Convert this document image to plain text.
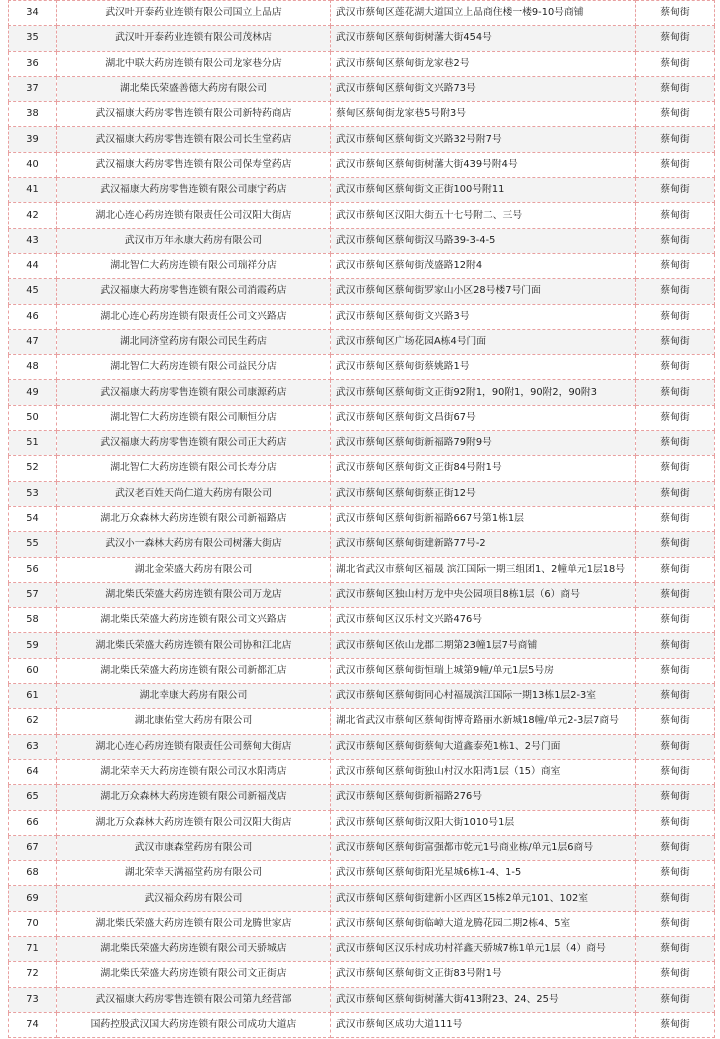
34	武汉叶开泰药业连锁有限公司国立上品店	武汉市蔡甸区莲花湖大道国立上品商住楼一楼9-10号商铺	蔡甸街
35	武汉叶开泰药业连锁有限公司茂林店	武汉市蔡甸区蔡甸街树藩大街454号	蔡甸街
36	湖北中联大药房连锁有限公司龙家巷分店	武汉市蔡甸区蔡甸街龙家巷2号	蔡甸街
37	湖北柴氏荣盛善德大药房有限公司	武汉市蔡甸区蔡甸街文兴路73号	蔡甸街
38	武汉福康大药房零售连锁有限公司新特药商店	蔡甸区蔡甸街龙家巷5号附3号	蔡甸街
39	武汉福康大药房零售连锁有限公司长生堂药店	武汉市蔡甸区蔡甸街文兴路32号附7号	蔡甸街
40	武汉福康大药房零售连锁有限公司保寿堂药店	武汉市蔡甸区蔡甸街树藩大街439号附4号	蔡甸街
41	武汉福康大药房零售连锁有限公司康宁药店	武汉市蔡甸区蔡甸街文正街100号附11	蔡甸街
42	湖北心连心药房连锁有限责任公司汉阳大街店	武汉市蔡甸区汉阳大街五十七号附二、三号	蔡甸街
43	武汉市万年永康大药房有限公司	武汉市蔡甸区蔡甸街汉马路39-3-4-5	蔡甸街
44	湖北智仁大药房连锁有限公司瑞祥分店	武汉市蔡甸区蔡甸街茂盛路12附4	蔡甸街
45	武汉福康大药房零售连锁有限公司消霞药店	武汉市蔡甸区蔡甸街罗家山小区28号楼7号门面	蔡甸街
46	湖北心连心药房连锁有限责任公司文兴路店	武汉市蔡甸区蔡甸街文兴路3号	蔡甸街
47	湖北同济堂药房有限公司民生药店	武汉市蔡甸区广场花园A栋4号门面	蔡甸街
48	湖北智仁大药房连锁有限公司益民分店	武汉市蔡甸区蔡甸街蔡姚路1号	蔡甸街
49	武汉福康大药房零售连锁有限公司康源药店	武汉市蔡甸区蔡甸街文正街92附1，90附1，90附2，90附3	蔡甸街
50	湖北智仁大药房连锁有限公司顺恒分店	武汉市蔡甸区蔡甸街文昌街67号	蔡甸街
51	武汉福康大药房零售连锁有限公司正大药店	武汉市蔡甸区蔡甸街新福路79附9号	蔡甸街
52	湖北智仁大药房连锁有限公司长寿分店	武汉市蔡甸区蔡甸街文正街84号附1号	蔡甸街
53	武汉老百姓天尚仁道大药房有限公司	武汉市蔡甸区蔡甸街蔡正街12号	蔡甸街
54	湖北万众森林大药房连锁有限公司新福路店	武汉市蔡甸区蔡甸街新福路667号第1栋1层	蔡甸街
55	武汉小一森林大药房有限公司树藩大街店	武汉市蔡甸区蔡甸街建新路77号-2	蔡甸街
56	湖北金荣盛大药房有限公司	湖北省武汉市蔡甸区福晟 滨江国际一期三组团1、2幢单元1层18号	蔡甸街
57	湖北柴氏荣盛大药房连锁有限公司万龙店	武汉市蔡甸区独山村万龙中央公园项目8栋1层（6）商号	蔡甸街
58	湖北柴氏荣盛大药房连锁有限公司文兴路店	武汉市蔡甸区汉乐村文兴路476号	蔡甸街
59	湖北柴氏荣盛大药房连锁有限公司协和江北店	武汉市蔡甸区依山龙郡二期第23幢1层7号商铺	蔡甸街
60	湖北柴氏荣盛大药房连锁有限公司新都汇店	武汉市蔡甸区蔡甸街恒瑞上城第9幢/单元1层5号房	蔡甸街
61	湖北幸康大药房有限公司	武汉市蔡甸区蔡甸街同心村福晟滨江国际一期13栋1层2-3室	蔡甸街
62	湖北康佑堂大药房有限公司	湖北省武汉市蔡甸区蔡甸街博奇路丽水新城18幢/单元2-3层7商号	蔡甸街
63	湖北心连心药房连锁有限责任公司蔡甸大街店	武汉市蔡甸区蔡甸街蔡甸大道鑫泰苑1栋1、2号门面	蔡甸街
64	湖北荣幸天大药房连锁有限公司汉水阳湾店	武汉市蔡甸区蔡甸街独山村汉水阳湾1层（15）商室	蔡甸街
65	湖北万众森林大药房连锁有限公司新福茂店	武汉市蔡甸区蔡甸街新福路276号	蔡甸街
66	湖北万众森林大药房连锁有限公司汉阳大街店	武汉市蔡甸区蔡甸街汉阳大街1010号1层	蔡甸街
67	武汉市康森堂药房有限公司	武汉市蔡甸区蔡甸街富强都市乾元1号商业栋/单元1层6商号	蔡甸街
68	湖北荣幸天满福堂药房有限公司	武汉市蔡甸区蔡甸街阳光星城6栋1-4、1-5	蔡甸街
69	武汉福众药房有限公司	武汉市蔡甸区蔡甸街建新小区西区15栋2单元101、102室	蔡甸街
70	湖北柴氏荣盛大药房连锁有限公司龙腾世家店	武汉市蔡甸区蔡甸街临嶂大道龙腾花园二期2栋4、5室	蔡甸街
71	湖北柴氏荣盛大药房连锁有限公司天骄城店	武汉市蔡甸区汉乐村成功村祥鑫天骄城7栋1单元1层（4）商号	蔡甸街
72	湖北柴氏荣盛大药房连锁有限公司文正街店	武汉市蔡甸区蔡甸街文正街83号附1号	蔡甸街
73	武汉福康大药房零售连锁有限公司第九经营部	武汉市蔡甸区蔡甸街树藩大街413附23、24、25号	蔡甸街
74	国药控股武汉国大药房连锁有限公司成功大道店	武汉市蔡甸区成功大道111号	蔡甸街
